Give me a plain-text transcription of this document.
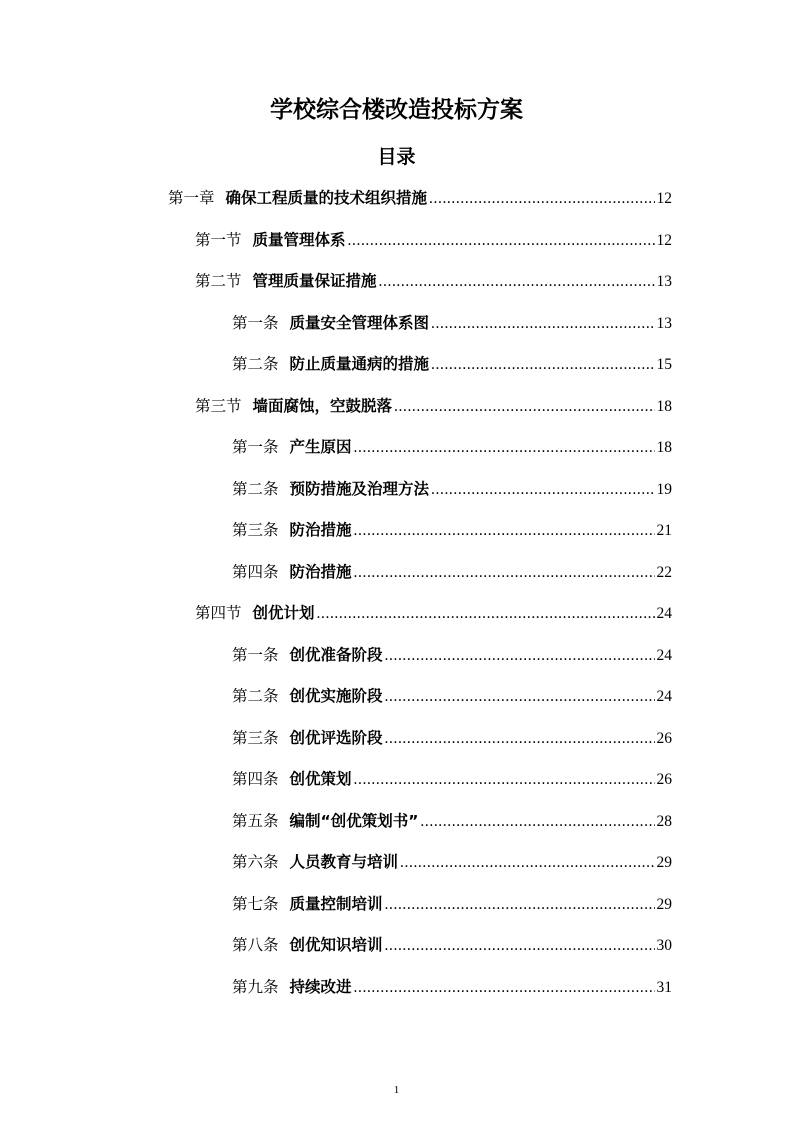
学校综合楼改造投标方案
目录
第一章 确保工程质量的技术组织措施 .....	12
第一节 质量管理体系 .....	12
第二节 管理质量保证措施 .....	13
第一条 质量安全管理体系图 .....	13
第二条 防止质量通病的措施 .....	15
第三节 墙面腐蚀，空鼓脱落 .....	18
第一条 产生原因 .....	18
第二条 预防措施及治理方法 .....	19
第三条 防治措施 .....	21
第四条 防治措施 .....	22
第四节 创优计划 .....	24
第一条 创优准备阶段 .....	24
第二条 创优实施阶段 .....	24
第三条 创优评选阶段 .....	26
第四条 创优策划 .....	26
第五条 编制“创优策划书” .....	28
第六条 人员教育与培训 .....	29
第七条 质量控制培训 .....	29
第八条 创优知识培训 .....	30
第九条 持续改进 .....	31
1
